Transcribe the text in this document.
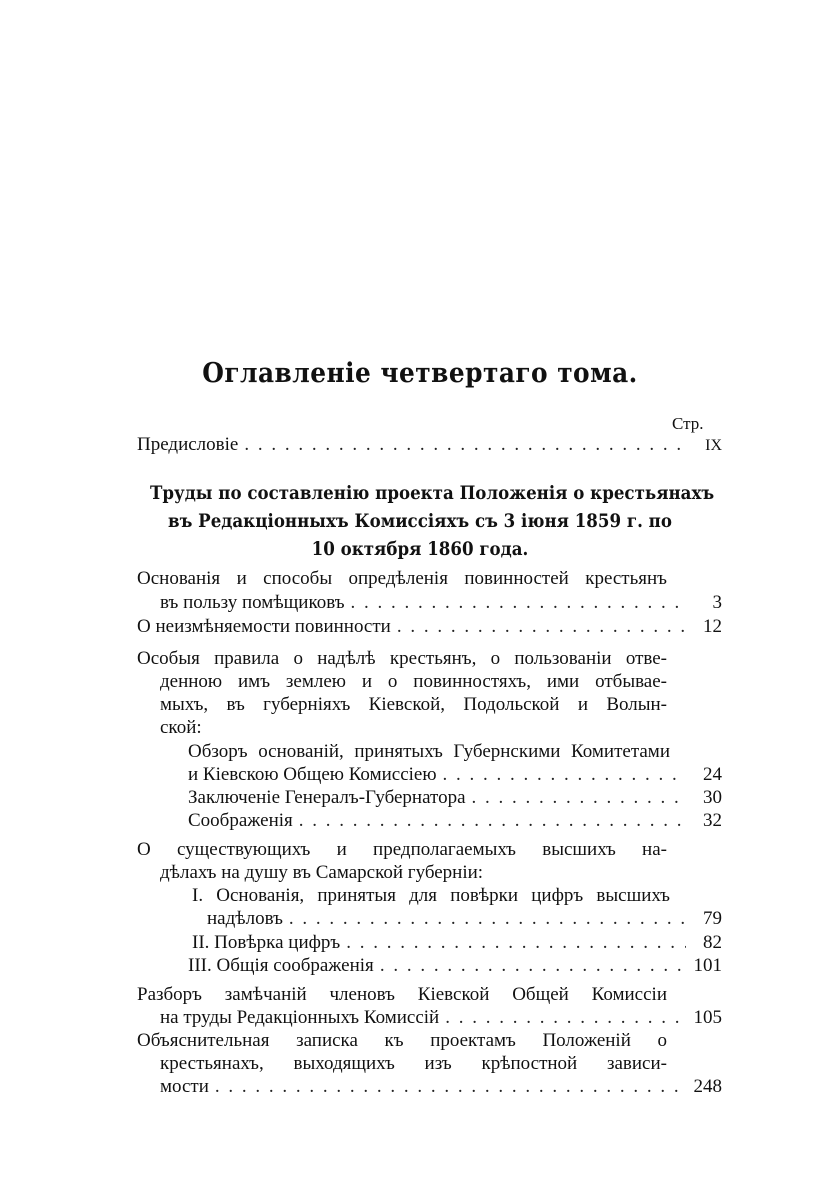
Оглавленіе четвертаго тома.
Стр.
Предисловіе . . .	IX
Труды по составленію проекта Положенія о крестьянахъ
въ Редакціонныхъ Комиссіяхъ съ 3 іюня 1859 г. по
10 октября 1860 года.
Основанія и способы опредѣленія повинностей крестьянъ
въ пользу помѣщиковъ . . .	3
О неизмѣняемости повинности . . .	12
Особыя правила о надѣлѣ крестьянъ, о пользованіи отве-
денною имъ землею и о повинностяхъ, ими отбывае-
мыхъ, въ губерніяхъ Кіевской, Подольской и Волын-
ской:
Обзоръ основаній, принятыхъ Губернскими Комитетами
и Кіевскою Общею Комиссіею . . .	24
Заключеніе Генералъ-Губернатора . . .	30
Соображенія . . .	32
О существующихъ и предполагаемыхъ высшихъ на-
дѣлахъ на душу въ Самарской губерніи:
I. Основанія, принятыя для повѣрки цифръ высшихъ
надѣловъ . . .	79
II. Повѣрка цифръ . . .	82
III. Общія соображенія . . .	101
Разборъ замѣчаній членовъ Кіевской Общей Комиссіи
на труды Редакціонныхъ Комиссій . . .	105
Объяснительная записка къ проектамъ Положеній о
крестьянахъ, выходящихъ изъ крѣпостной зависи-
мости . . .	248
